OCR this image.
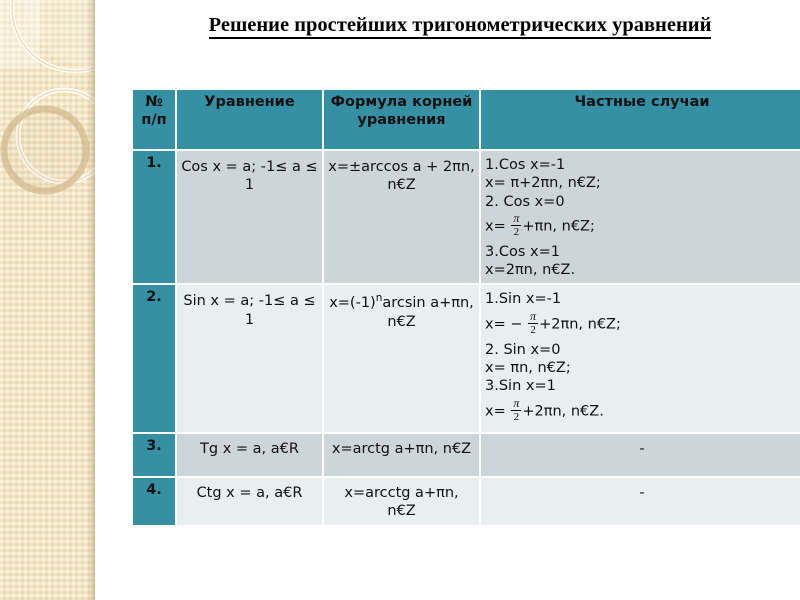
Решение простейших тригонометрических уравнений
№ п/п	Уравнение	Формула корней уравнения	Частные случаи
1.	Cos x = a; -1≤ a ≤ 1	x=±arccos a + 2πn, n€Z	
1.Cos x=-1
x= π+2πn, n€Z;
2. Cos x=0
$x= \frac{\pi}{2} +\pi n$, n€Z;
3.Cos x=1
x=2πn, n€Z.

2.	Sin x = a; -1≤ a ≤ 1	$x=(-1)^n\arcsin$ a+πn, n€Z	
1.Sin x=-1
$x= - \frac{\pi}{2} +2\pi n$, n€Z;
2. Sin x=0
x= πn, n€Z;
3.Sin x=1
$x= \frac{\pi}{2} +2\pi n$, n€Z.

3.	Tg x = a, a€R	x=arctg a+πn, n€Z	-
4.	Ctg x = a, a€R	x=arcctg a+πn, n€Z	-
